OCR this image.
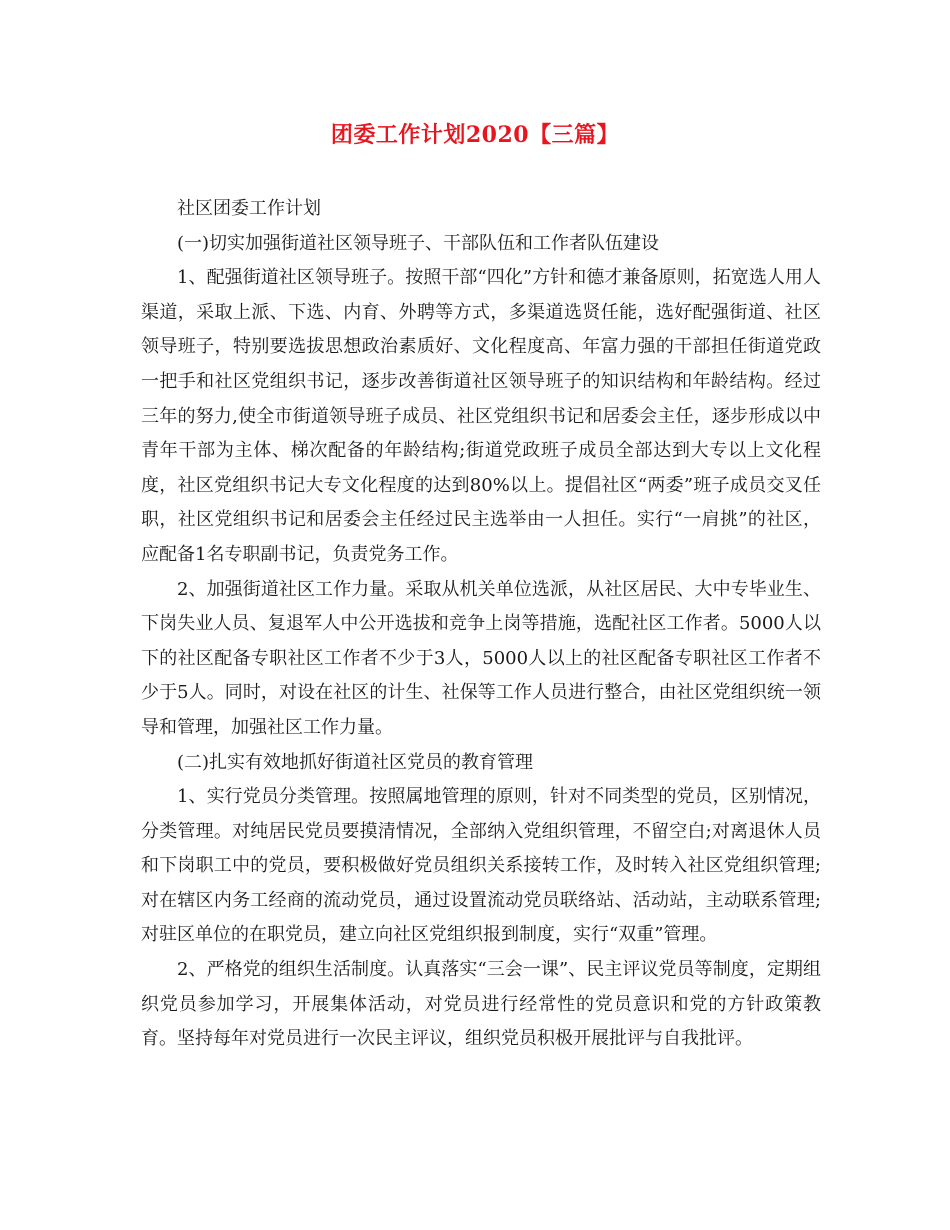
团委工作计划2020【三篇】

社区团委工作计划

(一)切实加强街道社区领导班子、干部队伍和工作者队伍建设

1、配强街道社区领导班子。按照干部“四化”方针和德才兼备原则，拓宽选人用人渠道，采取上派、下选、内育、外聘等方式，多渠道选贤任能，选好配强街道、社区领导班子，特别要选拔思想政治素质好、文化程度高、年富力强的干部担任街道党政一把手和社区党组织书记，逐步改善街道社区领导班子的知识结构和年龄结构。经过三年的努力,使全市街道领导班子成员、社区党组织书记和居委会主任，逐步形成以中青年干部为主体、梯次配备的年龄结构;街道党政班子成员全部达到大专以上文化程度，社区党组织书记大专文化程度的达到80%以上。提倡社区“两委”班子成员交叉任职，社区党组织书记和居委会主任经过民主选举由一人担任。实行“一肩挑”的社区，应配备1名专职副书记，负责党务工作。

2、加强街道社区工作力量。采取从机关单位选派，从社区居民、大中专毕业生、下岗失业人员、复退军人中公开选拔和竞争上岗等措施，选配社区工作者。5000人以下的社区配备专职社区工作者不少于3人，5000人以上的社区配备专职社区工作者不少于5人。同时，对设在社区的计生、社保等工作人员进行整合，由社区党组织统一领导和管理，加强社区工作力量。

(二)扎实有效地抓好街道社区党员的教育管理

1、实行党员分类管理。按照属地管理的原则，针对不同类型的党员，区别情况，分类管理。对纯居民党员要摸清情况，全部纳入党组织管理，不留空白;对离退休人员和下岗职工中的党员，要积极做好党员组织关系接转工作，及时转入社区党组织管理;对在辖区内务工经商的流动党员，通过设置流动党员联络站、活动站，主动联系管理;对驻区单位的在职党员，建立向社区党组织报到制度，实行“双重”管理。

2、严格党的组织生活制度。认真落实“三会一课”、民主评议党员等制度，定期组织党员参加学习，开展集体活动，对党员进行经常性的党员意识和党的方针政策教育。坚持每年对党员进行一次民主评议，组织党员积极开展批评与自我批评。
